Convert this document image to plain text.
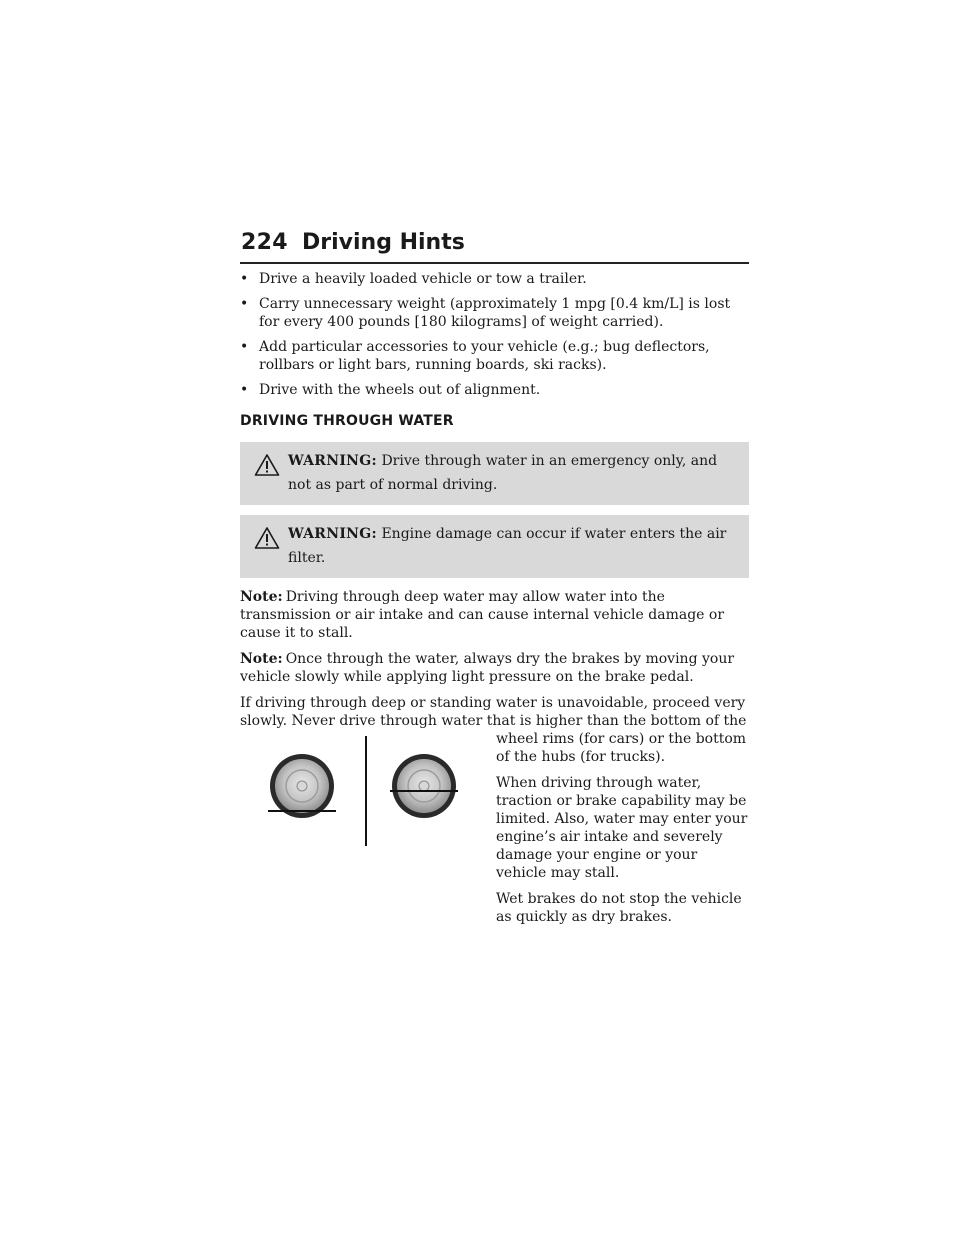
224 Driving Hints
• Drive a heavily loaded vehicle or tow a trailer.
• Carry unnecessary weight (approximately 1 mpg [0.4 km/L] is lost for every 400 pounds [180 kilograms] of weight carried).
• Add particular accessories to your vehicle (e.g.; bug deflectors, rollbars or light bars, running boards, ski racks).
• Drive with the wheels out of alignment.
DRIVING THROUGH WATER
WARNING: Drive through water in an emergency only, and not as part of normal driving.
WARNING: Engine damage can occur if water enters the air filter.

Note: Driving through deep water may allow water into the transmission or air intake and can cause internal vehicle damage or cause it to stall.

Note: Once through the water, always dry the brakes by moving your vehicle slowly while applying light pressure on the brake pedal.

If driving through deep or standing water is unavoidable, proceed very slowly. Never drive through water that is higher than the bottom of the

wheel rims (for cars) or the bottom of the hubs (for trucks).

When driving through water, traction or brake capability may be limited. Also, water may enter your engine’s air intake and severely damage your engine or your vehicle may stall.

Wet brakes do not stop the vehicle as quickly as dry brakes.
